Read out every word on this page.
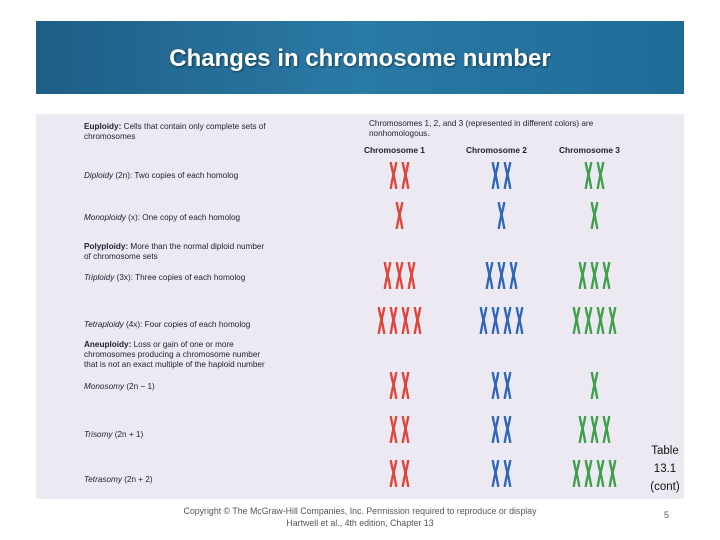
Changes in chromosome number
Euploidy: Cells that contain only complete sets of
chromosomes
Diploidy (2n): Two copies of each homolog
Monoploidy (x): One copy of each homolog
Polyploidy: More than the normal diploid number
of chromosome sets
Triploidy (3x): Three copies of each homolog
Tetraploidy (4x): Four copies of each homolog
Aneuploidy: Loss or gain of one or more
chromosomes producing a chromosome number
that is not an exact multiple of the haploid number
Monosomy (2n − 1)
Trisomy (2n + 1)
Tetrasomy (2n + 2)
Chromosomes 1, 2, and 3 (represented in different colors) are nonhomologous.
Chromosome 1	Chromosome 2	Chromosome 3
Table
13.1
(cont)
Copyright © The McGraw-Hill Companies, Inc. Permission required to reproduce or display
Hartwell et al., 4th edition, Chapter 13
5
